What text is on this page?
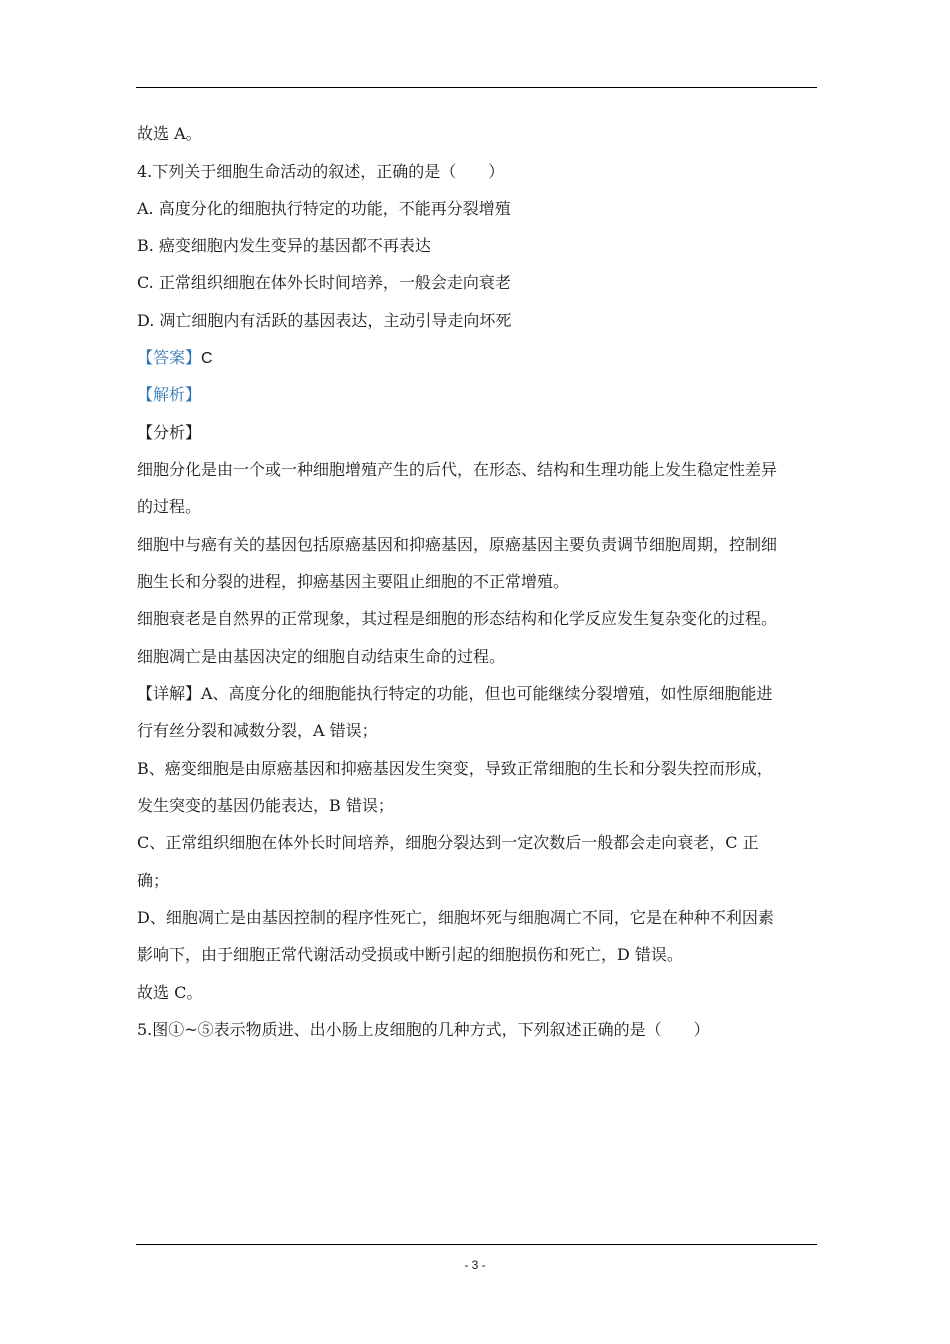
故选 A。
4.下列关于细胞生命活动的叙述，正确的是（　　）
A. 高度分化的细胞执行特定的功能，不能再分裂增殖
B. 癌变细胞内发生变异的基因都不再表达
C. 正常组织细胞在体外长时间培养，一般会走向衰老
D. 凋亡细胞内有活跃的基因表达，主动引导走向坏死
【答案】C
【解析】
【分析】
细胞分化是由一个或一种细胞增殖产生的后代，在形态、结构和生理功能上发生稳定性差异
的过程。
细胞中与癌有关的基因包括原癌基因和抑癌基因，原癌基因主要负责调节细胞周期，控制细
胞生长和分裂的进程，抑癌基因主要阻止细胞的不正常增殖。
细胞衰老是自然界的正常现象，其过程是细胞的形态结构和化学反应发生复杂变化的过程。
细胞凋亡是由基因决定的细胞自动结束生命的过程。
【详解】A、高度分化的细胞能执行特定的功能，但也可能继续分裂增殖，如性原细胞能进
行有丝分裂和减数分裂，A 错误；
B、癌变细胞是由原癌基因和抑癌基因发生突变，导致正常细胞的生长和分裂失控而形成，
发生突变的基因仍能表达，B 错误；
C、正常组织细胞在体外长时间培养，细胞分裂达到一定次数后一般都会走向衰老，C 正
确；
D、细胞凋亡是由基因控制的程序性死亡，细胞坏死与细胞凋亡不同，它是在种种不利因素
影响下，由于细胞正常代谢活动受损或中断引起的细胞损伤和死亡，D 错误。
故选 C。
5.图①~⑤表示物质进、出小肠上皮细胞的几种方式，下列叙述正确的是（　　）
- 3 -
